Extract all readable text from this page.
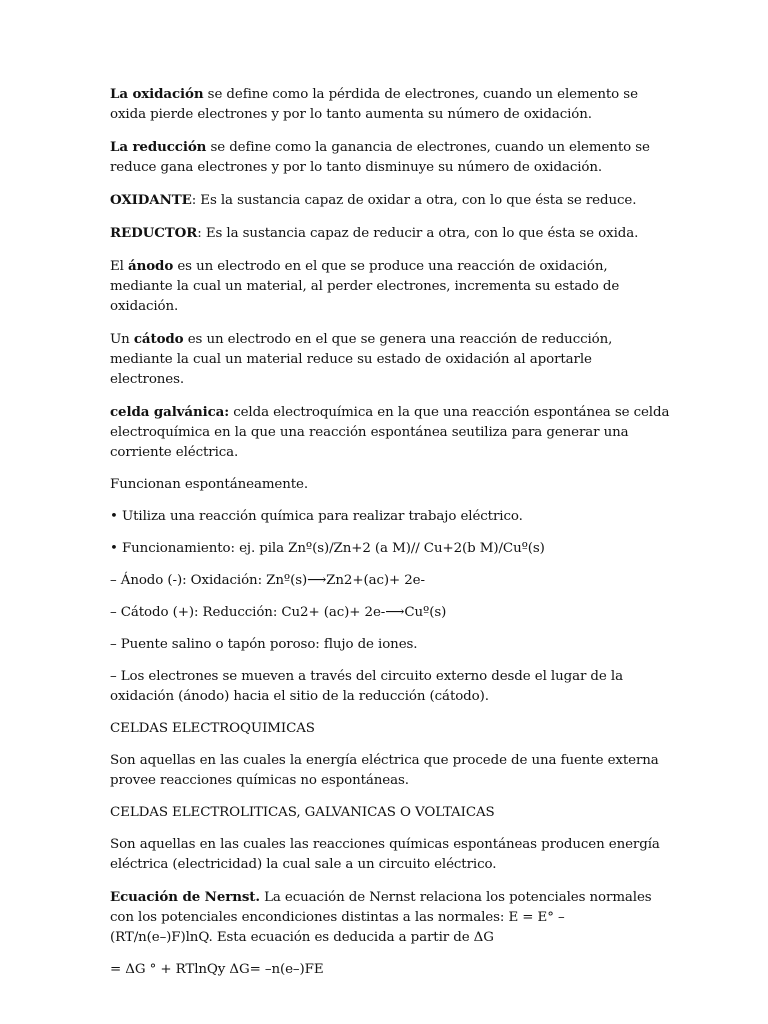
La oxidación se define como la pérdida de electrones, cuando un elemento se oxida pierde electrones y por lo tanto aumenta su número de oxidación.

La reducción se define como la ganancia de electrones, cuando un elemento se reduce gana electrones y por lo tanto disminuye su número de oxidación.

OXIDANTE: Es la sustancia capaz de oxidar a otra, con lo que ésta se reduce.

REDUCTOR: Es la sustancia capaz de reducir a otra, con lo que ésta se oxida.

El ánodo es un electrodo en el que se produce una reacción de oxidación, mediante la cual un material, al perder electrones, incrementa su estado de oxidación.

Un cátodo es un electrodo en el que se genera una reacción de reducción, mediante la cual un material reduce su estado de oxidación al aportarle electrones.

celda galvánica: celda electroquímica en la que una reacción espontánea se celda electroquímica en la que una reacción espontánea seutiliza para generar una corriente eléctrica.

Funcionan espontáneamente.

• Utiliza una reacción química para realizar trabajo eléctrico.

• Funcionamiento: ej. pila Znº(s)/Zn+2 (a M)// Cu+2(b M)/Cuº(s)

– Ánodo (-): Oxidación: Znº(s)⟶Zn2+(ac)+ 2e-

– Cátodo (+): Reducción: Cu2+ (ac)+ 2e-⟶Cuº(s)

– Puente salino o tapón poroso: flujo de iones.

– Los electrones se mueven a través del circuito externo desde el lugar de la oxidación (ánodo) hacia el sitio de la reducción (cátodo).

CELDAS ELECTROQUIMICAS

Son aquellas en las cuales la energía eléctrica que procede de una fuente externa provee reacciones químicas no espontáneas.

CELDAS ELECTROLITICAS, GALVANICAS O VOLTAICAS

Son aquellas en las cuales las reacciones químicas espontáneas producen energía eléctrica (electricidad) la cual sale a un circuito eléctrico.

Ecuación de Nernst. La ecuación de Nernst relaciona los potenciales normales con los potenciales encondiciones distintas a las normales: E = E° – (RT/n(e–)F)lnQ. Esta ecuación es deducida a partir de ΔG

= ΔG ° + RTlnQy ΔG= –n(e–)FE
